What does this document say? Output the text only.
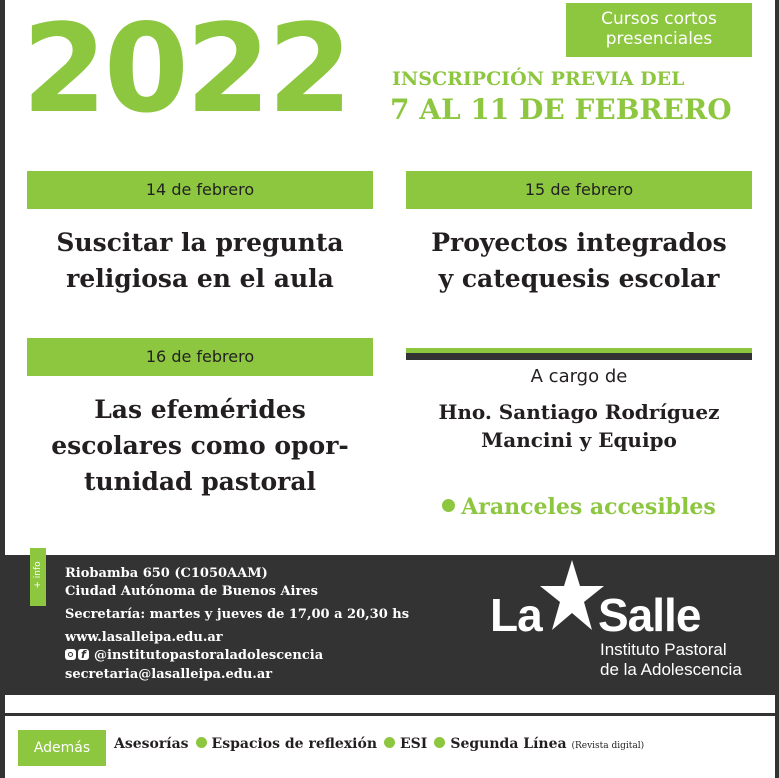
2022	Cursos cortos
presenciales
INSCRIPCIÓN PREVIA DEL
7 AL 11 DE FEBRERO
14 de febrero
Suscitar la pregunta
religiosa en el aula
15 de febrero
Proyectos integrados
y catequesis escolar
16 de febrero
Las efemérides
escolares como opor-
tunidad pastoral
A cargo de
Hno. Santiago Rodríguez
Mancini y Equipo
Aranceles accesibles
+ info Riobamba 650 (C1050AAM)
Ciudad Autónoma de Buenos Aires
Secretaría: martes y jueves de 17,00 a 20,30 hs
www.lasalleipa.edu.ar
f@institutopastoraladolescencia
secretaria@lasalleipa.edu.ar
La Salle
Instituto Pastoral
de la Adolescencia
Además	Asesorías Espacios de reflexión ESI Segunda Línea (Revista digital)
